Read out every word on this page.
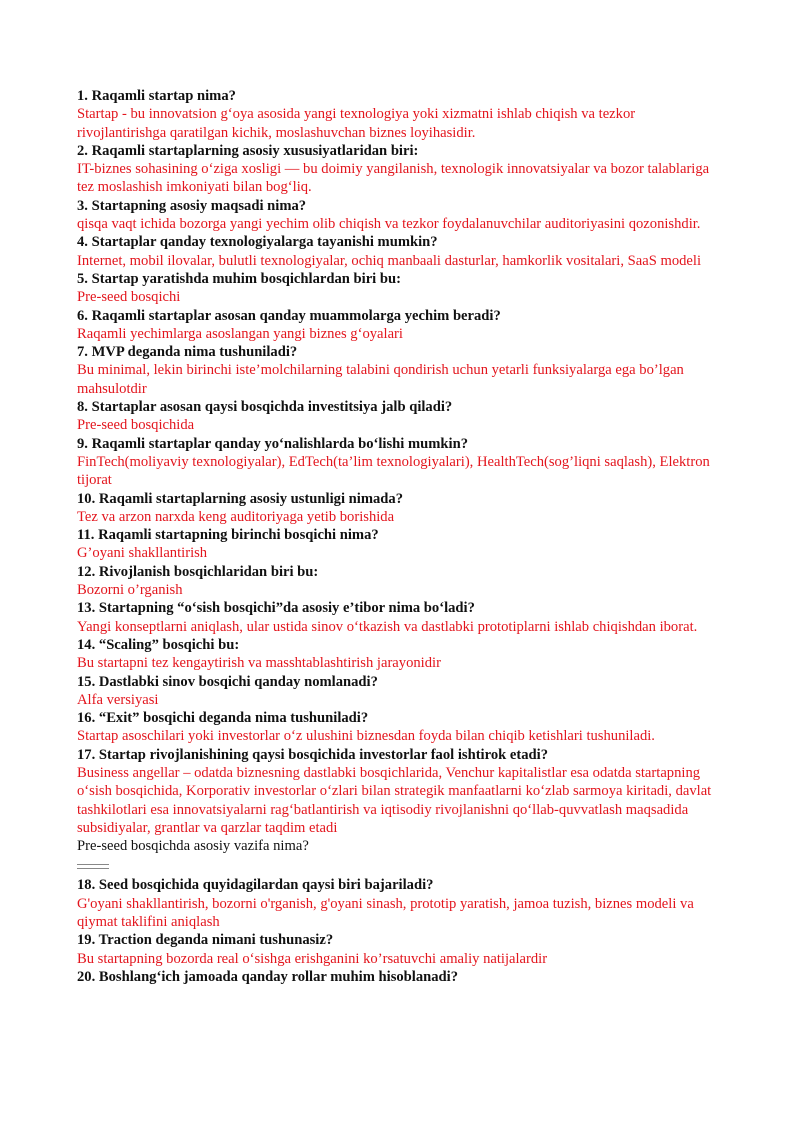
1. Raqamli startap nima?
Startap - bu innovatsion g‘oya asosida yangi texnologiya yoki xizmatni ishlab chiqish va tezkor rivojlantirishga qaratilgan kichik, moslashuvchan biznes loyihasidir.
2. Raqamli startaplarning asosiy xususiyatlaridan biri:
IT-biznes sohasining o‘ziga xosligi — bu doimiy yangilanish, texnologik innovatsiyalar va bozor talablariga tez moslashish imkoniyati bilan bog‘liq.
3. Startapning asosiy maqsadi nima?
qisqa vaqt ichida bozorga yangi yechim olib chiqish va tezkor foydalanuvchilar auditoriyasini qozonishdir.
4. Startaplar qanday texnologiyalarga tayanishi mumkin?
Internet, mobil ilovalar, bulutli texnologiyalar, ochiq manbaali dasturlar, hamkorlik vositalari, SaaS modeli
5. Startap yaratishda muhim bosqichlardan biri bu:
Pre-seed bosqichi
6. Raqamli startaplar asosan qanday muammolarga yechim beradi?
Raqamli yechimlarga asoslangan yangi biznes g‘oyalari
7. MVP deganda nima tushuniladi?
Bu minimal, lekin birinchi iste’molchilarning talabini qondirish uchun yetarli funksiyalarga ega bo’lgan mahsulotdir
8. Startaplar asosan qaysi bosqichda investitsiya jalb qiladi?
Pre-seed bosqichida
9. Raqamli startaplar qanday yo‘nalishlarda bo‘lishi mumkin?
FinTech(moliyaviy texnologiyalar), EdTech(ta’lim texnologiyalari), HealthTech(sog’liqni saqlash), Elektron tijorat
10. Raqamli startaplarning asosiy ustunligi nimada?
Tez va arzon narxda keng auditoriyaga yetib borishida
11. Raqamli startapning birinchi bosqichi nima?
G’oyani shakllantirish
12. Rivojlanish bosqichlaridan biri bu:
Bozorni o’rganish
13. Startapning “o‘sish bosqichi”da asosiy e’tibor nima bo‘ladi?
Yangi konseptlarni aniqlash, ular ustida sinov o‘tkazish va dastlabki prototiplarni ishlab chiqishdan iborat.
14. “Scaling” bosqichi bu:
Bu startapni tez kengaytirish va masshtablashtirish jarayonidir
15. Dastlabki sinov bosqichi qanday nomlanadi?
Alfa versiyasi
16. “Exit” bosqichi deganda nima tushuniladi?
Startap asoschilari yoki investorlar o‘z ulushini biznesdan foyda bilan chiqib ketishlari tushuniladi.
17. Startap rivojlanishining qaysi bosqichida investorlar faol ishtirok etadi?
Business angellar – odatda biznesning dastlabki bosqichlarida, Venchur kapitalistlar esa odatda startapning o‘sish bosqichida, Korporativ investorlar o‘zlari bilan strategik manfaatlarni ko‘zlab sarmoya kiritadi, davlat tashkilotlari esa innovatsiyalarni rag‘batlantirish va iqtisodiy rivojlanishni qo‘llab-quvvatlash maqsadida subsidiyalar, grantlar va qarzlar taqdim etadi
Pre-seed bosqichda asosiy vazifa nima?
18. Seed bosqichida quyidagilardan qaysi biri bajariladi?
G'oyani shakllantirish, bozorni o'rganish, g'oyani sinash, prototip yaratish, jamoa tuzish, biznes modeli va qiymat taklifini aniqlash
19. Traction deganda nimani tushunasiz?
Bu startapning bozorda real o‘sishga erishganini ko’rsatuvchi amaliy natijalardir
20. Boshlang‘ich jamoada qanday rollar muhim hisoblanadi?
